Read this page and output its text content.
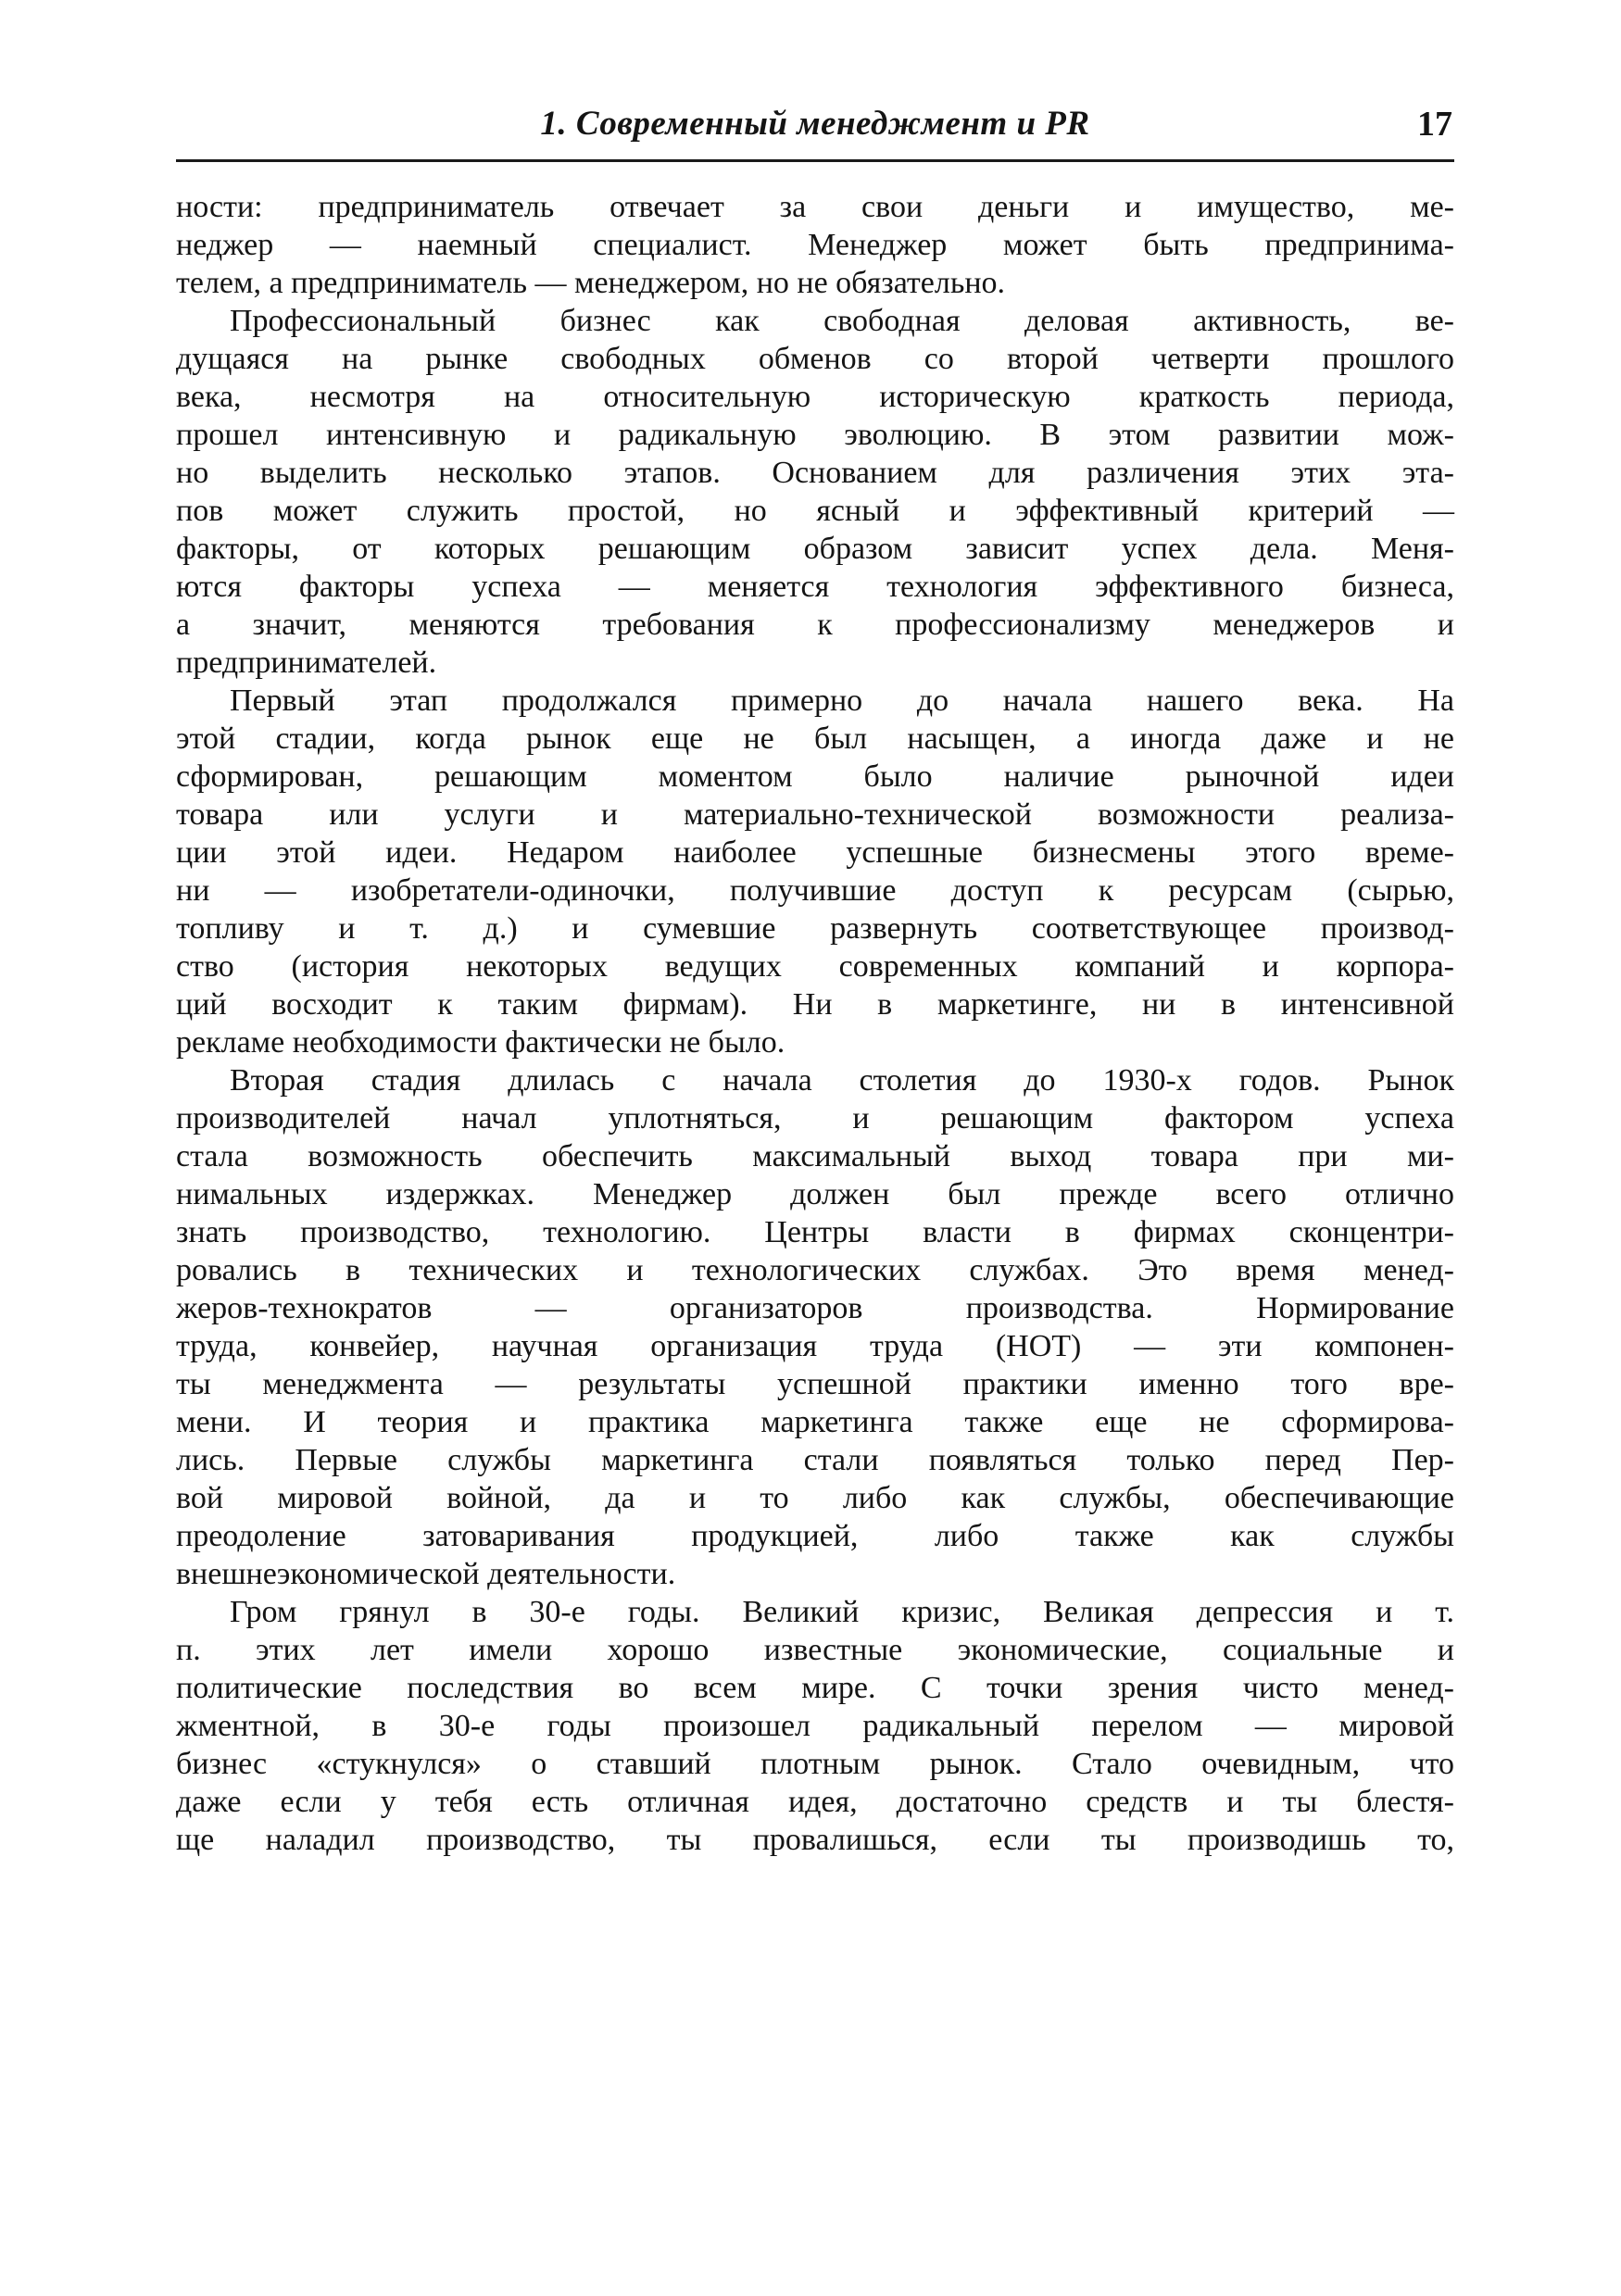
1. Современный менеджмент и PR	17
ности: предприниматель отвечает за свои деньги и имущество, ме-
неджер — наемный специалист. Менеджер может быть предпринима-
телем, а предприниматель — менеджером, но не обязательно.
Профессиональный бизнес как свободная деловая активность, ве-
дущаяся на рынке свободных обменов со второй четверти прошлого
века, несмотря на относительную историческую краткость периода,
прошел интенсивную и радикальную эволюцию. В этом развитии мож-
но выделить несколько этапов. Основанием для различения этих эта-
пов может служить простой, но ясный и эффективный критерий —
факторы, от которых решающим образом зависит успех дела. Меня-
ются факторы успеха — меняется технология эффективного бизнеса,
а значит, меняются требования к профессионализму менеджеров и
предпринимателей.
Первый этап продолжался примерно до начала нашего века. На
этой стадии, когда рынок еще не был насыщен, а иногда даже и не
сформирован, решающим моментом было наличие рыночной идеи
товара или услуги и материально-технической возможности реализа-
ции этой идеи. Недаром наиболее успешные бизнесмены этого време-
ни — изобретатели-одиночки, получившие доступ к ресурсам (сырью,
топливу и т. д.) и сумевшие развернуть соответствующее производ-
ство (история некоторых ведущих современных компаний и корпора-
ций восходит к таким фирмам). Ни в маркетинге, ни в интенсивной
рекламе необходимости фактически не было.
Вторая стадия длилась с начала столетия до 1930-х годов. Рынок
производителей начал уплотняться, и решающим фактором успеха
стала возможность обеспечить максимальный выход товара при ми-
нимальных издержках. Менеджер должен был прежде всего отлично
знать производство, технологию. Центры власти в фирмах сконцентри-
ровались в технических и технологических службах. Это время менед-
жеров-технократов — организаторов производства. Нормирование
труда, конвейер, научная организация труда (НОТ) — эти компонен-
ты менеджмента — результаты успешной практики именно того вре-
мени. И теория и практика маркетинга также еще не сформирова-
лись. Первые службы маркетинга стали появляться только перед Пер-
вой мировой войной, да и то либо как службы, обеспечивающие
преодоление затоваривания продукцией, либо также как службы
внешнеэкономической деятельности.
Гром грянул в 30-е годы. Великий кризис, Великая депрессия и т.
п. этих лет имели хорошо известные экономические, социальные и
политические последствия во всем мире. С точки зрения чисто менед-
жментной, в 30-е годы произошел радикальный перелом — мировой
бизнес «стукнулся» о ставший плотным рынок. Стало очевидным, что
даже если у тебя есть отличная идея, достаточно средств и ты блестя-
ще наладил производство, ты провалишься, если ты производишь то,
